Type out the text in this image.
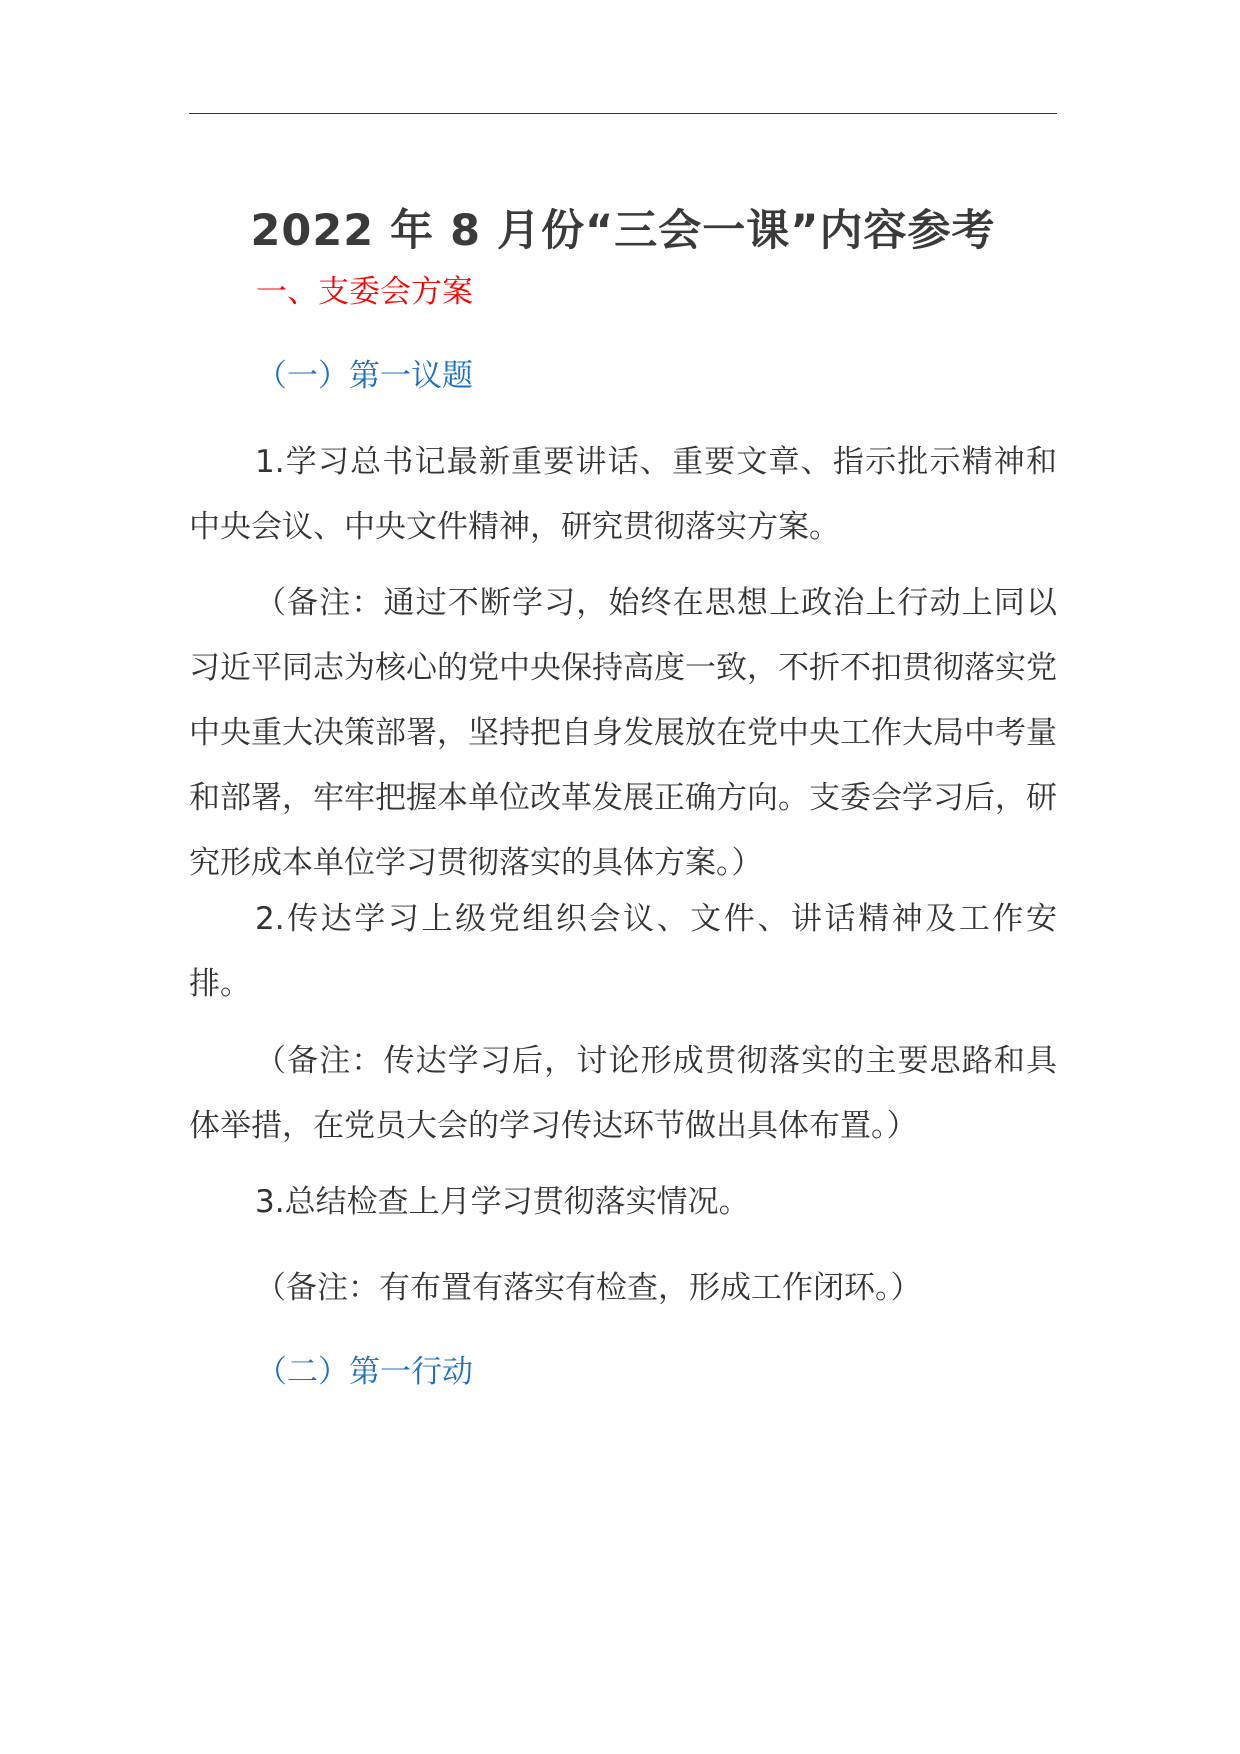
2022 年 8 月份“三会一课”内容参考
一、支委会方案
（一）第一议题
1.学习总书记最新重要讲话、重要文章、指示批示精神和中央会议、中央文件精神，研究贯彻落实方案。
（备注：通过不断学习，始终在思想上政治上行动上同以习近平同志为核心的党中央保持高度一致，不折不扣贯彻落实党中央重大决策部署，坚持把自身发展放在党中央工作大局中考量和部署，牢牢把握本单位改革发展正确方向。支委会学习后，研究形成本单位学习贯彻落实的具体方案。）
2.传达学习上级党组织会议、文件、讲话精神及工作安排。
（备注：传达学习后，讨论形成贯彻落实的主要思路和具体举措，在党员大会的学习传达环节做出具体布置。）
3.总结检查上月学习贯彻落实情况。
（备注：有布置有落实有检查，形成工作闭环。）
（二）第一行动
